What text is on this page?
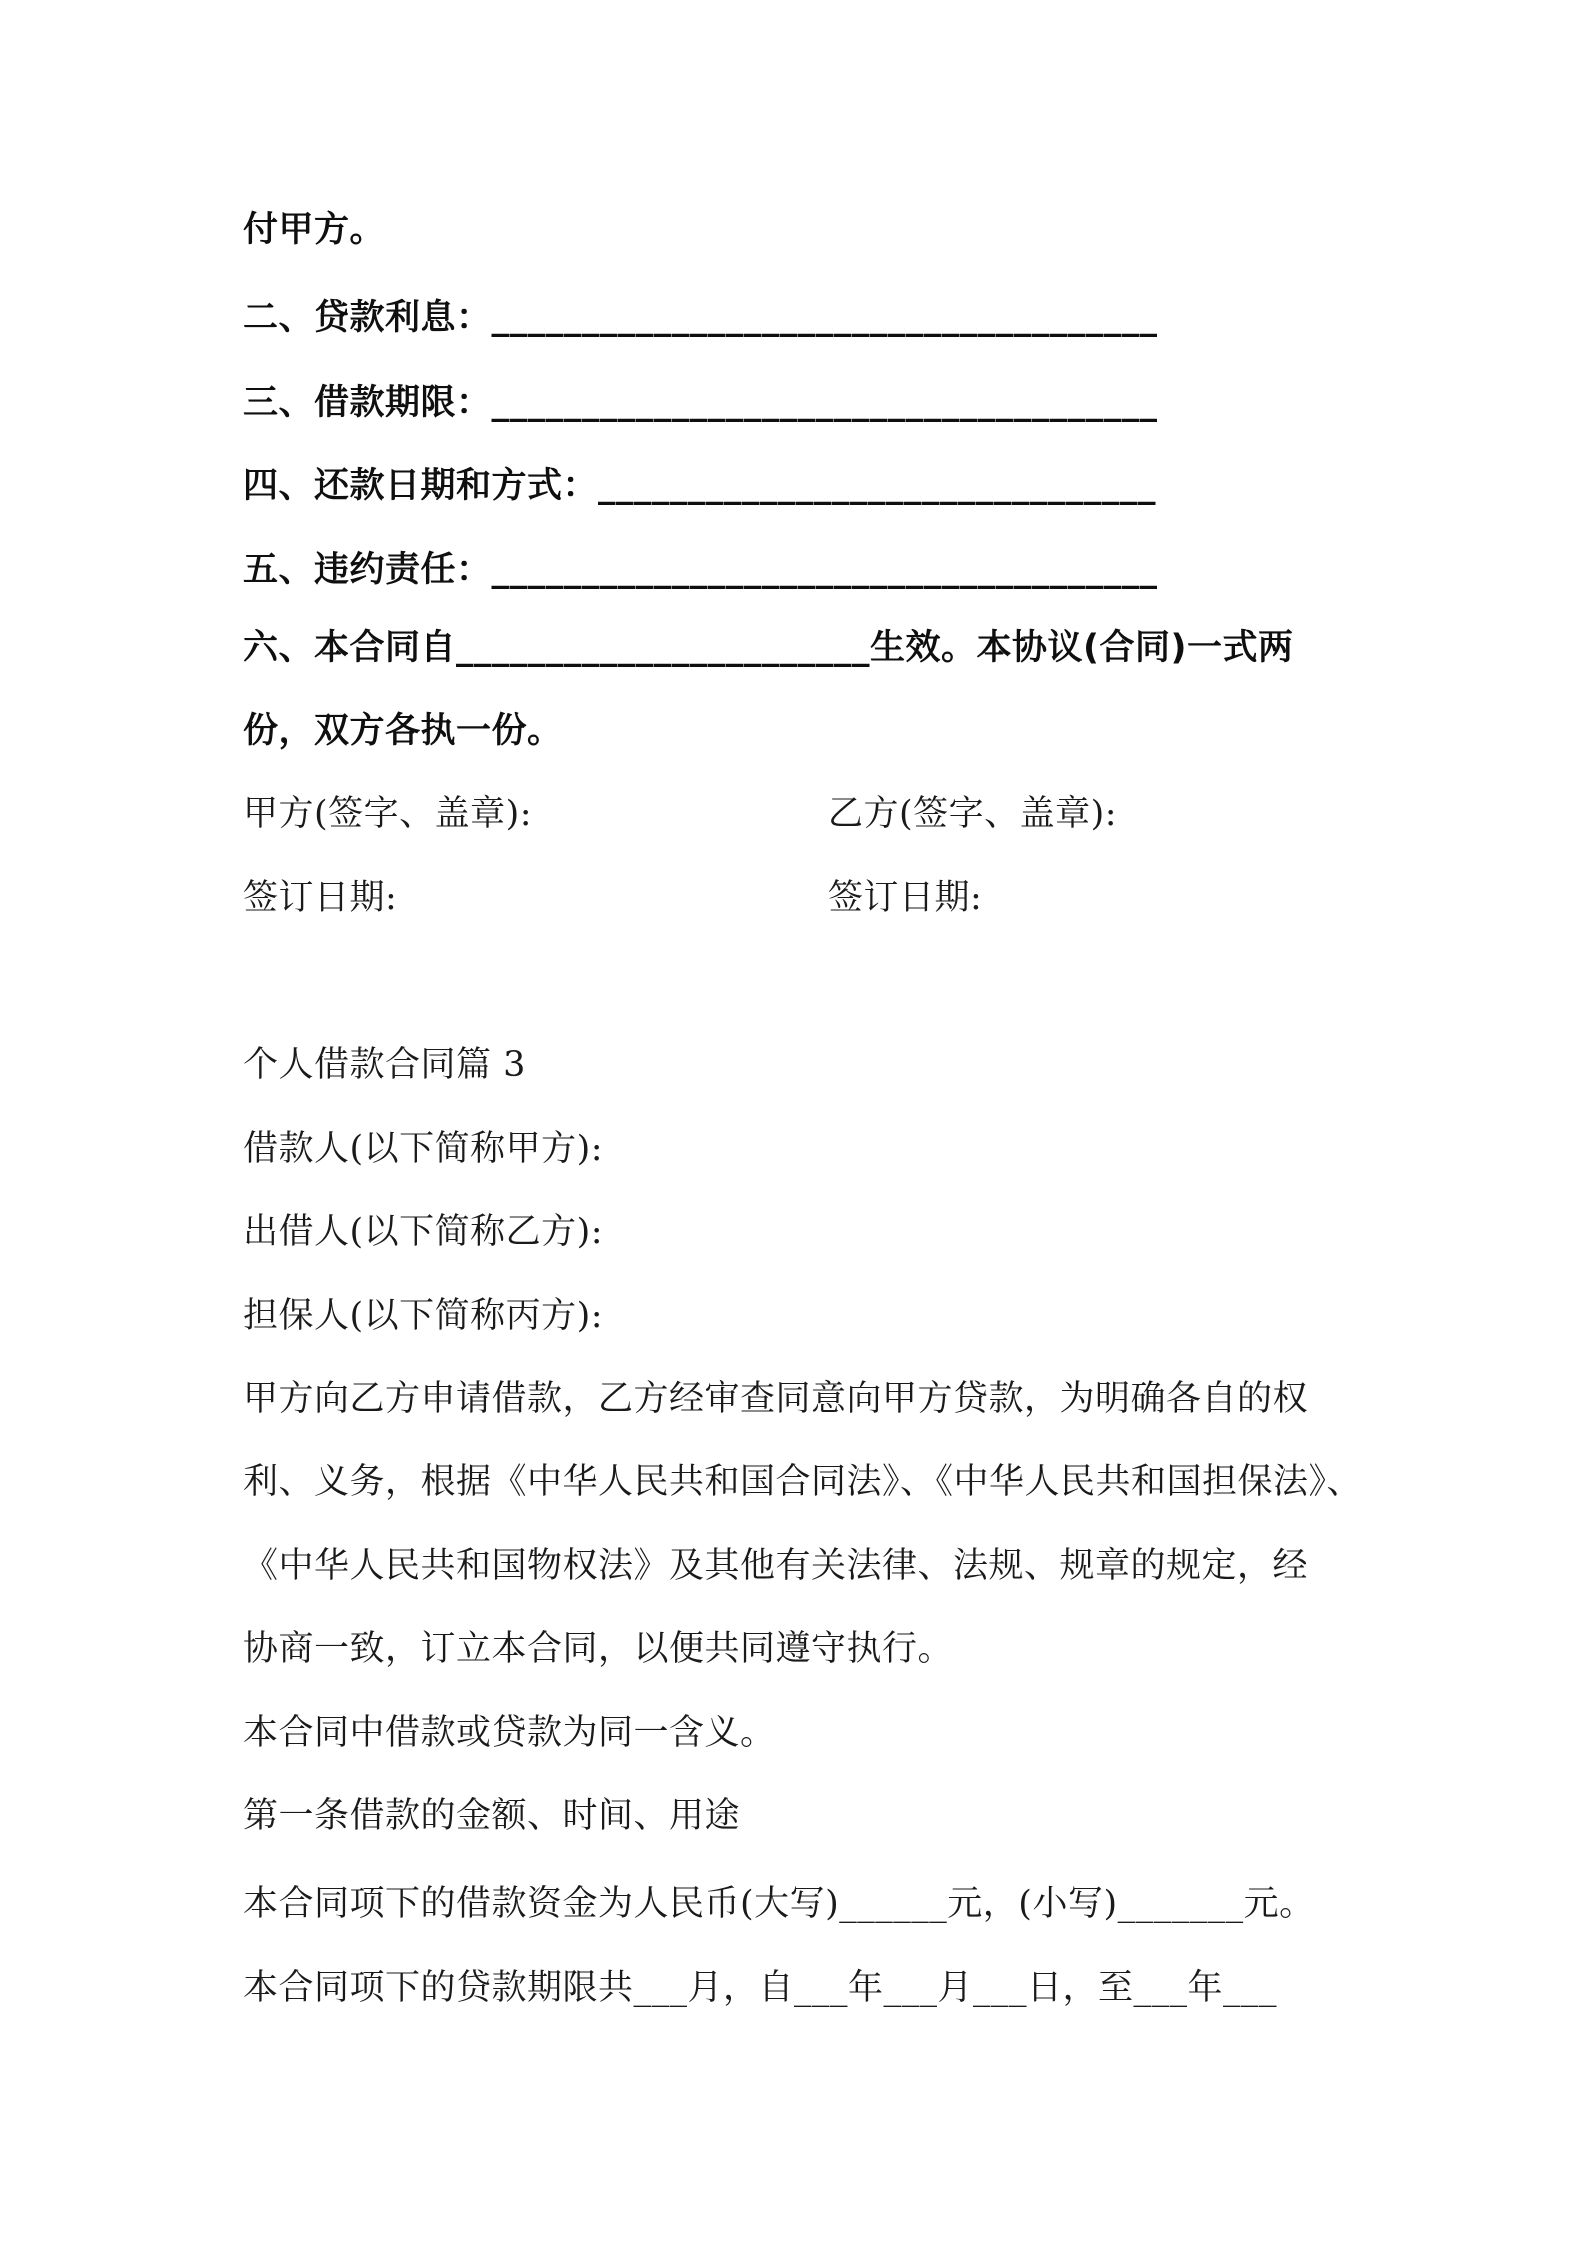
付甲方。
二、贷款利息：_____________________________________
三、借款期限：_____________________________________
四、还款日期和方式：_______________________________
五、违约责任：_____________________________________
六、本合同自_______________________生效。本协议(合同)一式两
份，双方各执一份。
甲方(签字、盖章):	乙方(签字、盖章):
签订日期:	签订日期:
个人借款合同篇 3
借款人(以下简称甲方):
出借人(以下简称乙方):
担保人(以下简称丙方):
甲方向乙方申请借款，乙方经审查同意向甲方贷款，为明确各自的权
利、义务，根据《中华人民共和国合同法》、《中华人民共和国担保法》、
《中华人民共和国物权法》及其他有关法律、法规、规章的规定，经
协商一致，订立本合同，以便共同遵守执行。
本合同中借款或贷款为同一含义。
第一条借款的金额、时间、用途
本合同项下的借款资金为人民币(大写)______元，(小写)_______元。
本合同项下的贷款期限共___月，自___年___月___日，至___年___
